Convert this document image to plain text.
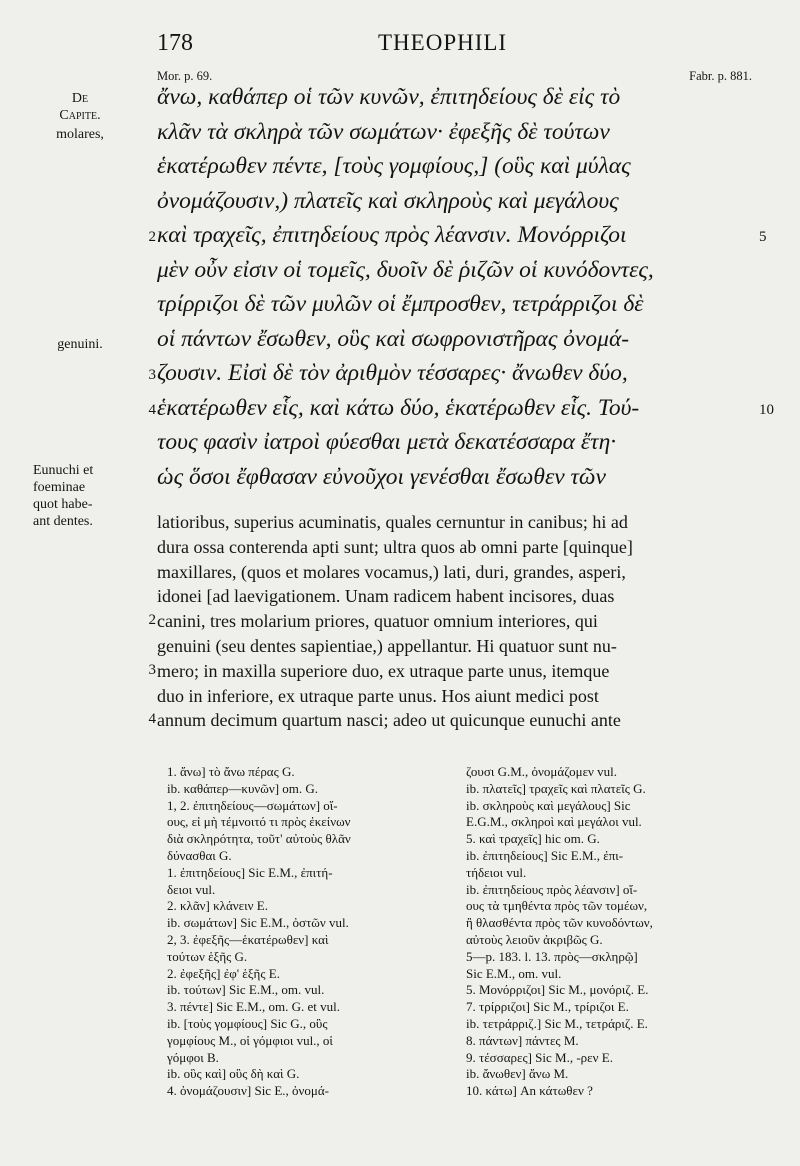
178	THEOPHILI
Mor. p. 69.	Fabr. p. 881.
De
Capite.
molares,
genuini.
Eunuchi et
foeminae
quot habe-
ant dentes.
ἄνω, καθάπερ οἱ τῶν κυνῶν, ἐπιτηδείους δὲ εἰς τὸ
κλᾶν τὰ σκληρὰ τῶν σωμάτων· ἐφεξῆς δὲ τούτων
ἑκατέρωθεν πέντε, [τοὺς γομφίους,] (οὓς καὶ μύλας
ὀνομάζουσιν,) πλατεῖς καὶ σκληροὺς καὶ μεγάλους
2 καὶ τραχεῖς, ἐπιτηδείους πρὸς λέανσιν. Μονόρριζοι	5
μὲν οὖν εἰσιν οἱ τομεῖς, δυοῖν δὲ ῥιζῶν οἱ κυνόδοντες,
τρίρριζοι δὲ τῶν μυλῶν οἱ ἔμπροσθεν, τετράρριζοι δὲ
οἱ πάντων ἔσωθεν, οὓς καὶ σωφρονιστῆρας ὀνομά-
3 ζουσιν. Εἰσὶ δὲ τὸν ἀριθμὸν τέσσαρες· ἄνωθεν δύο,
4 ἑκατέρωθεν εἷς, καὶ κάτω δύο, ἑκατέρωθεν εἷς. Τού-	10
τους φασὶν ἰατροὶ φύεσθαι μετὰ δεκατέσσαρα ἔτη·
ὡς ὅσοι ἔφθασαν εὐνοῦχοι γενέσθαι ἔσωθεν τῶν
latioribus, superius acuminatis, quales cernuntur in canibus; hi ad
dura ossa conterenda apti sunt; ultra quos ab omni parte [quinque]
maxillares, (quos et molares vocamus,) lati, duri, grandes, asperi,
idonei [ad laevigationem. Unam radicem habent incisores, duas
2 canini, tres molarium priores, quatuor omnium interiores, qui
genuini (seu dentes sapientiae,) appellantur. Hi quatuor sunt nu-
3 mero; in maxilla superiore duo, ex utraque parte unus, itemque
duo in inferiore, ex utraque parte unus. Hos aiunt medici post
4 annum decimum quartum nasci; adeo ut quicunque eunuchi ante
1. ἄνω] τὸ ἄνω πέρας G.
ib. καθάπερ—κυνῶν] om. G.
1, 2. ἐπιτηδείους—σωμάτων] οἵ-
ους, εἰ μὴ τέμνοιτό τι πρὸς ἐκείνων
διὰ σκληρότητα, τοῦτ' αὐτοὺς θλᾶν
δύνασθαι G.
1. ἐπιτηδείους] Sic E.M., ἐπιτή-
δειοι vul.
2. κλᾶν] κλάνειν E.
ib. σωμάτων] Sic E.M., ὀστῶν vul.
2, 3. ἐφεξῆς—ἑκατέρωθεν] καὶ
τούτων ἑξῆς G.
2. ἐφεξῆς] ἐφ' ἑξῆς E.
ib. τούτων] Sic E.M., om. vul.
3. πέντε] Sic E.M., om. G. et vul.
ib. [τοὺς γομφίους] Sic G., οὓς
γομφίους M., οἱ γόμφιοι vul., οἱ
γόμφοι B.
ib. οὓς καὶ] οὓς δὴ καὶ G.
4. ὀνομάζουσιν] Sic E., ὀνομά-
ζουσι G.M., ὀνομάζομεν vul.
ib. πλατεῖς] τραχεῖς καὶ πλατεῖς G.
ib. σκληροὺς καὶ μεγάλους] Sic
E.G.M., σκληροὶ καὶ μεγάλοι vul.
5. καὶ τραχεῖς] hic om. G.
ib. ἐπιτηδείους] Sic E.M., ἐπι-
τήδειοι vul.
ib. ἐπιτηδείους πρὸς λέανσιν] οἵ-
ους τὰ τμηθέντα πρὸς τῶν τομέων,
ἢ θλασθέντα πρὸς τῶν κυνοδόντων,
αὐτοὺς λειοῦν ἀκριβῶς G.
5—p. 183. l. 13. πρὸς—σκληρῷ]
Sic E.M., om. vul.
5. Μονόρριζοι] Sic M., μονόριζ. E.
7. τρίρριζοι] Sic M., τρίριζοι E.
ib. τετράρριζ.] Sic M., τετράριζ. E.
8. πάντων] πάντες M.
9. τέσσαρες] Sic M., -ρεν E.
ib. ἄνωθεν] ἄνω M.
10. κάτω] An κάτωθεν ?
